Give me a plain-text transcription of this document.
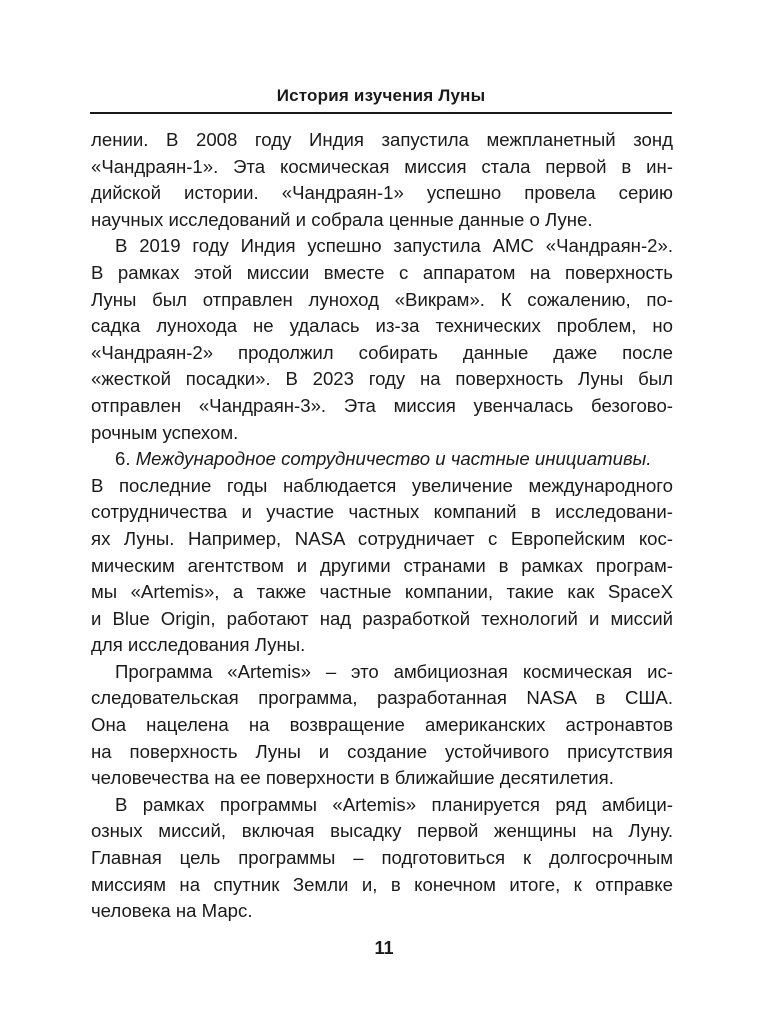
История изучения Луны
лении. В 2008 году Индия запустила межпланетный зонд
«Чандраян-1». Эта космическая миссия стала первой в ин-
дийской истории. «Чандраян-1» успешно провела серию
научных исследований и собрала ценные данные о Луне.
В 2019 году Индия успешно запустила АМС «Чандраян-2».
В рамках этой миссии вместе с аппаратом на поверхность
Луны был отправлен луноход «Викрам». К сожалению, по-
садка лунохода не удалась из-за технических проблем, но
«Чандраян-2» продолжил собирать данные даже после
«жесткой посадки». В 2023 году на поверхность Луны был
отправлен «Чандраян-3». Эта миссия увенчалась безогово-
рочным успехом.
6. Международное сотрудничество и частные инициативы.
В последние годы наблюдается увеличение международного
сотрудничества и участие частных компаний в исследовани-
ях Луны. Например, NASA сотрудничает с Европейским кос-
мическим агентством и другими странами в рамках програм-
мы «Artemis», а также частные компании, такие как SpaceX
и Blue Origin, работают над разработкой технологий и миссий
для исследования Луны.
Программа «Artemis» – это амбициозная космическая ис-
следовательская программа, разработанная NASA в США.
Она нацелена на возвращение американских астронавтов
на поверхность Луны и создание устойчивого присутствия
человечества на ее поверхности в ближайшие десятилетия.
В рамках программы «Artemis» планируется ряд амбици-
озных миссий, включая высадку первой женщины на Луну.
Главная цель программы – подготовиться к долгосрочным
миссиям на спутник Земли и, в конечном итоге, к отправке
человека на Марс.
11
